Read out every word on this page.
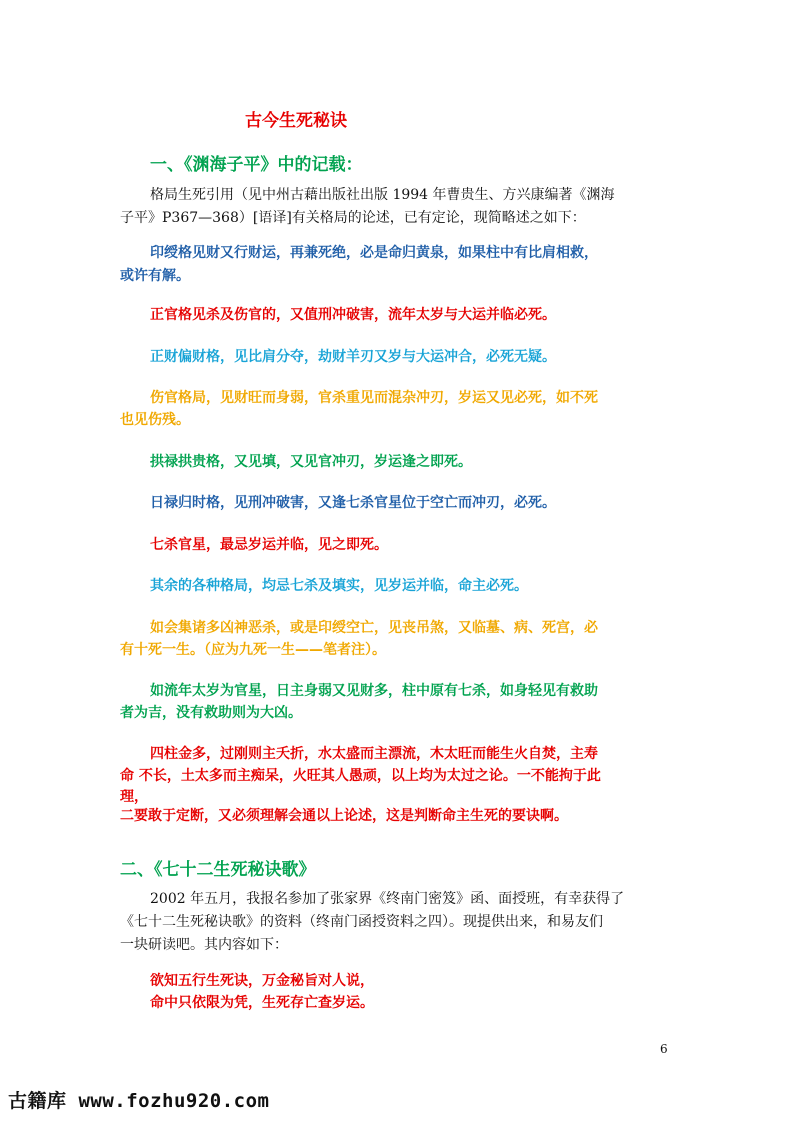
古今生死秘诀
一、《渊海子平》中的记载：
格局生死引用（见中州古藉出版社出版 1994 年曹贵生、方兴康编著《渊海
子平》P367—368）[语译]有关格局的论述，已有定论，现简略述之如下：
印绶格见财又行财运，再兼死绝，必是命归黄泉，如果柱中有比肩相救，
或许有解。
正官格见杀及伤官的，又值刑冲破害，流年太岁与大运并临必死。
正财偏财格，见比肩分夺，劫财羊刃又岁与大运冲合，必死无疑。
伤官格局，见财旺而身弱，官杀重见而混杂冲刃，岁运又见必死，如不死
也见伤残。
拱禄拱贵格，又见填，又见官冲刃，岁运逢之即死。
日禄归时格，见刑冲破害，又逢七杀官星位于空亡而冲刃，必死。
七杀官星，最忌岁运并临，见之即死。
其余的各种格局，均忌七杀及填实，见岁运并临，命主必死。
如会集诸多凶神恶杀，或是印绶空亡，见丧吊煞，又临墓、病、死宫，必
有十死一生。（应为九死一生——笔者注）。
如流年太岁为官星，日主身弱又见财多，柱中原有七杀，如身轻见有救助
者为吉，没有救助则为大凶。
四柱金多，过刚则主夭折，水太盛而主漂流，木太旺而能生火自焚，主寿
命 不长，土太多而主痴呆，火旺其人愚顽，以上均为太过之论。一不能拘于此
理，
二要敢于定断，又必须理解会通以上论述，这是判断命主生死的要诀啊。
二、《七十二生死秘诀歌》
2002 年五月，我报名参加了张家界《终南门密笈》函、面授班，有幸获得了
《七十二生死秘诀歌》的资料（终南门函授资料之四）。现提供出来，和易友们
一块研读吧。其内容如下：
欲知五行生死诀，万金秘旨对人说，
命中只依限为凭，生死存亡查岁运。
6
古籍库 www.fozhu920.com
